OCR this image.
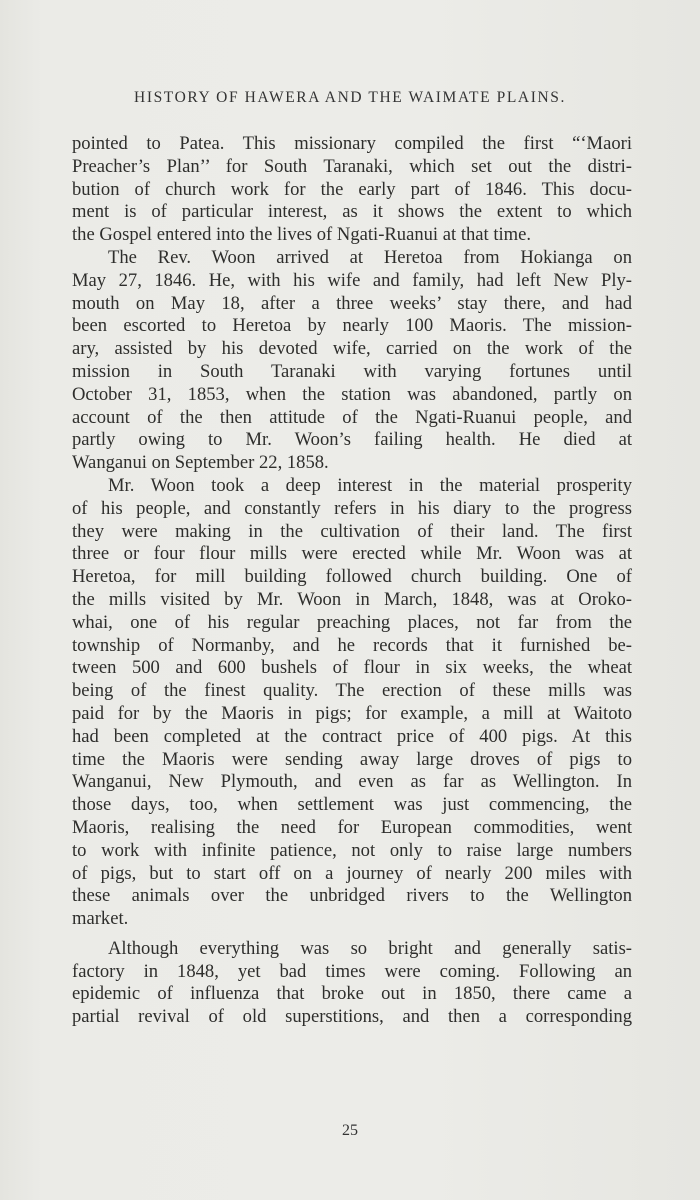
HISTORY OF HAWERA AND THE WAIMATE PLAINS.
pointed to Patea. This missionary compiled the first “‘Maori
Preacher’s Plan’’ for South Taranaki, which set out the distri-
bution of church work for the early part of 1846. This docu-
ment is of particular interest, as it shows the extent to which
the Gospel entered into the lives of Ngati-Ruanui at that time.
The Rev. Woon arrived at Heretoa from Hokianga on
May 27, 1846. He, with his wife and family, had left New Ply-
mouth on May 18, after a three weeks’ stay there, and had
been escorted to Heretoa by nearly 100 Maoris. The mission-
ary, assisted by his devoted wife, carried on the work of the
mission in South Taranaki with varying fortunes until
October 31, 1853, when the station was abandoned, partly on
account of the then attitude of the Ngati-Ruanui people, and
partly owing to Mr. Woon’s failing health. He died at
Wanganui on September 22, 1858.
Mr. Woon took a deep interest in the material prosperity
of his people, and constantly refers in his diary to the progress
they were making in the cultivation of their land. The first
three or four flour mills were erected while Mr. Woon was at
Heretoa, for mill building followed church building. One of
the mills visited by Mr. Woon in March, 1848, was at Oroko-
whai, one of his regular preaching places, not far from the
township of Normanby, and he records that it furnished be-
tween 500 and 600 bushels of flour in six weeks, the wheat
being of the finest quality. The erection of these mills was
paid for by the Maoris in pigs; for example, a mill at Waitoto
had been completed at the contract price of 400 pigs. At this
time the Maoris were sending away large droves of pigs to
Wanganui, New Plymouth, and even as far as Wellington. In
those days, too, when settlement was just commencing, the
Maoris, realising the need for European commodities, went
to work with infinite patience, not only to raise large numbers
of pigs, but to start off on a journey of nearly 200 miles with
these animals over the unbridged rivers to the Wellington
market.
Although everything was so bright and generally satis-
factory in 1848, yet bad times were coming. Following an
epidemic of influenza that broke out in 1850, there came a
partial revival of old superstitions, and then a corresponding
25
